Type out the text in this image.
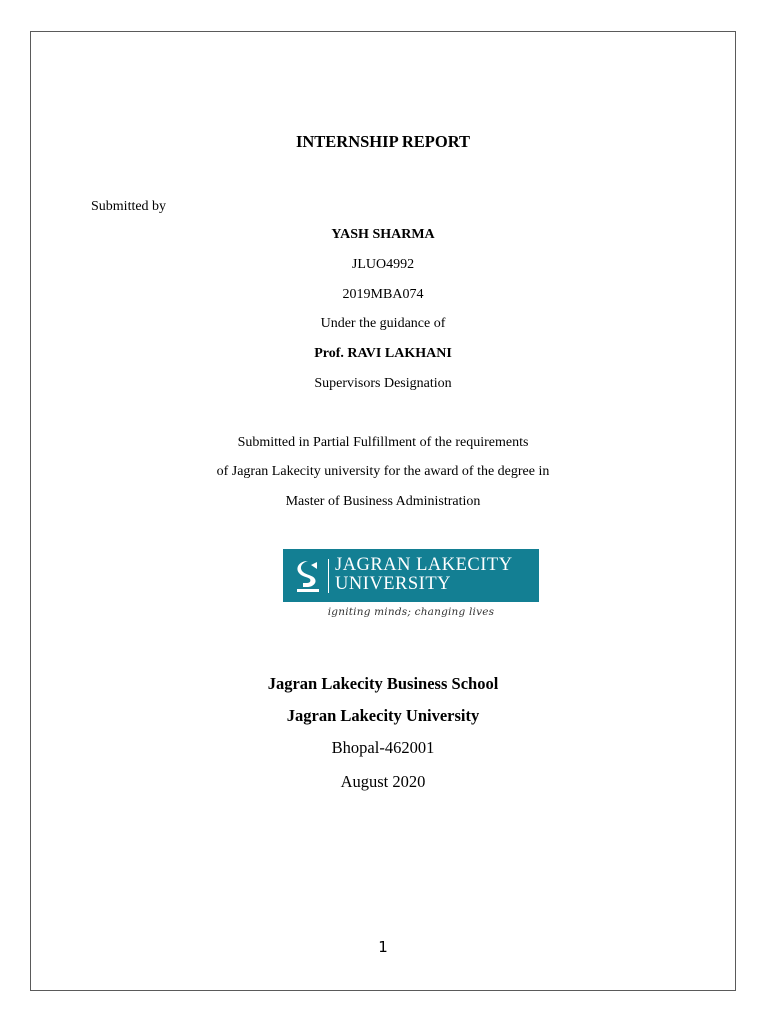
INTERNSHIP REPORT
Submitted by
YASH SHARMA
JLUO4992
2019MBA074
Under the guidance of
Prof. RAVI LAKHANI
Supervisors Designation
Submitted in Partial Fulfillment of the requirements
of Jagran Lakecity university for the award of the degree in
Master of Business Administration
JAGRAN LAKECITY
UNIVERSITY
igniting minds; changing lives
Jagran Lakecity Business School
Jagran Lakecity University
Bhopal-462001
August 2020
1
